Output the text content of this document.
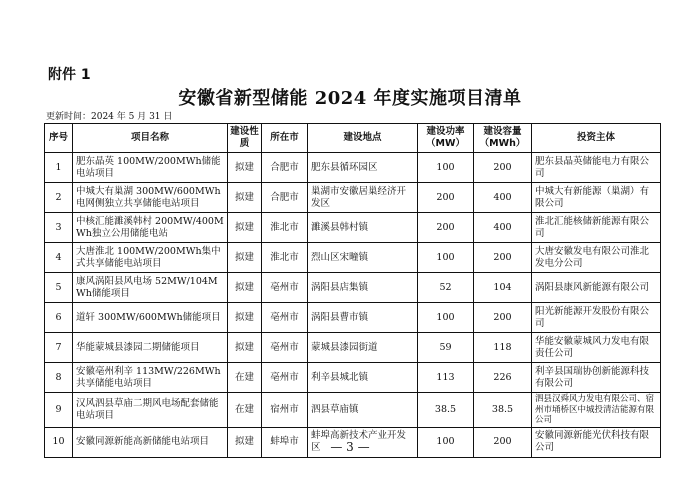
附件 1
安徽省新型储能 2024 年度实施项目清单
更新时间：2024 年 5 月 31 日
序号	项目名称	建设性质	所在市	建设地点	建设功率（MW）	建设容量（MWh）	投资主体
1	肥东晶英 100MW/200MWh储能电站项目	拟建	合肥市	肥东县循环园区	100	200	肥东县晶英储能电力有限公司
2	中城大有巢湖 300MW/600MWh电网侧独立共享储能电站项目	拟建	合肥市	巢湖市安徽居巢经济开发区	200	400	中城大有新能源（巢湖）有限公司
3	中核汇能濉溪韩村 200MW/400MWh独立公用储能电站	拟建	淮北市	濉溪县韩村镇	200	400	淮北汇能核储新能源有限公司
4	大唐淮北 100MW/200MWh集中式共享储能电站项目	拟建	淮北市	烈山区宋疃镇	100	200	大唐安徽发电有限公司淮北发电分公司
5	康风涡阳县风电场 52MW/104MWh储能项目	拟建	亳州市	涡阳县店集镇	52	104	涡阳县康风新能源有限公司
6	道轩 300MW/600MWh储能项目	拟建	亳州市	涡阳县曹市镇	100	200	阳光新能源开发股份有限公司
7	华能蒙城县漆园二期储能项目	拟建	亳州市	蒙城县漆园街道	59	118	华能安徽蒙城风力发电有限责任公司
8	安徽亳州利辛 113MW/226MWh共享储能电站项目	在建	亳州市	利辛县城北镇	113	226	利辛县国瑞协创新能源科技有限公司
9	汉风泗县草庙二期风电场配套储能电站项目	在建	宿州市	泗县草庙镇	38.5	38.5	泗县汉舜风力发电有限公司、宿州市埇桥区中城投清洁能源有限公司
10	安徽同源新能高新储能电站项目	拟建	蚌埠市	蚌埠高新技术产业开发区	100	200	安徽同源新能光伏科技有限公司
— 3 —
